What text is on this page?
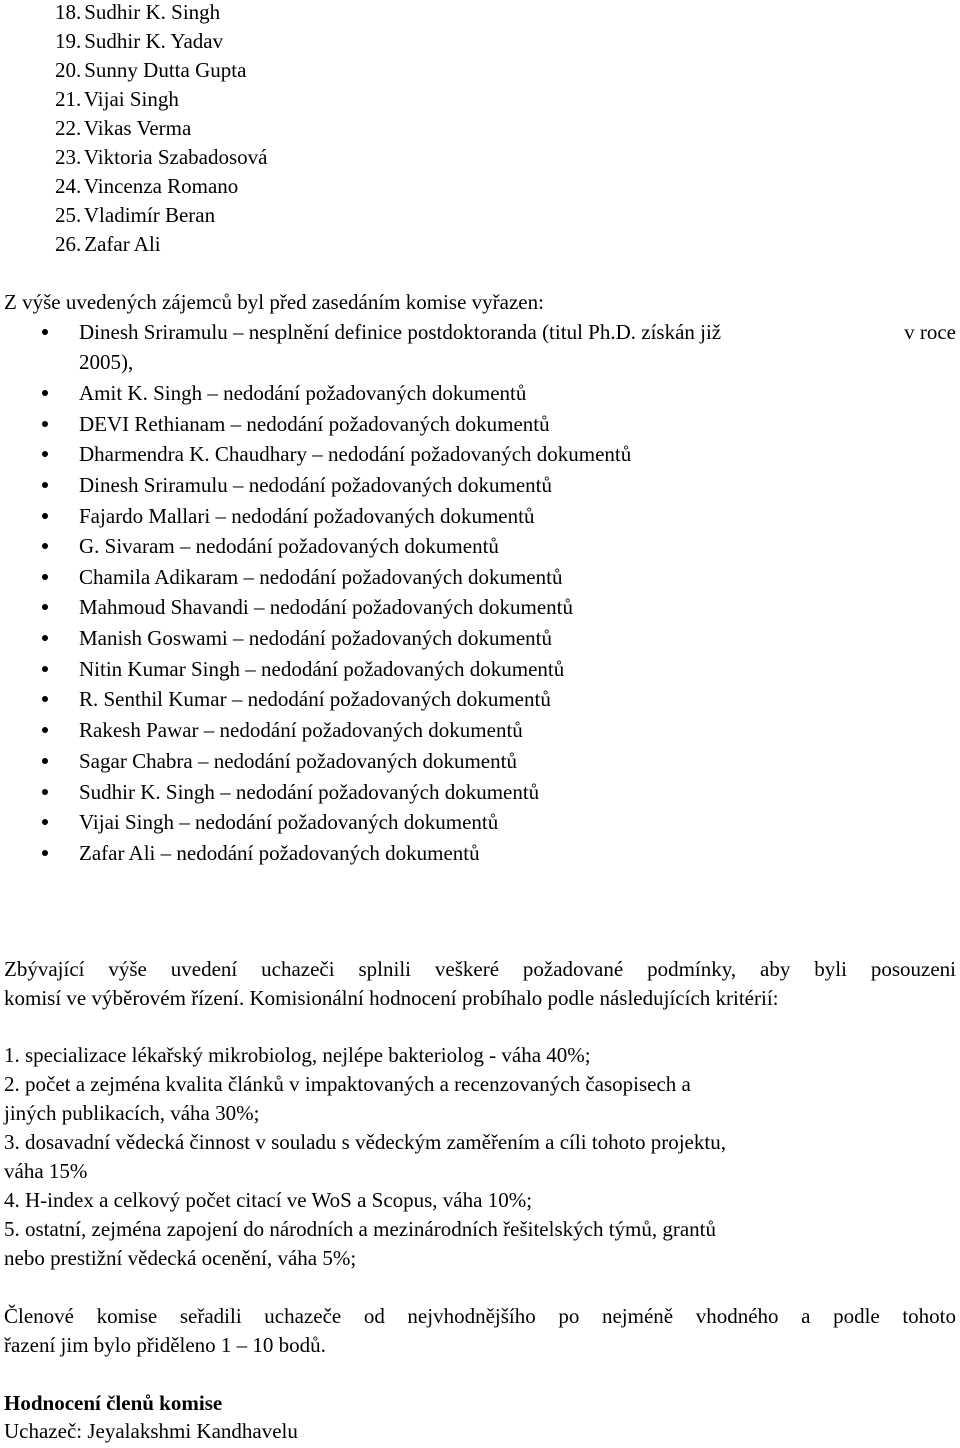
18. Sudhir K. Singh
19. Sudhir K. Yadav
20. Sunny Dutta Gupta
21. Vijai Singh
22. Vikas Verma
23. Viktoria Szabadosová
24. Vincenza Romano
25. Vladimír Beran
26. Zafar Ali
Z výše uvedených zájemců byl před zasedáním komise vyřazen:
Dinesh Sriramulu – nesplnění definice postdoktoranda (titul Ph.D. získán již	v roce
2005),
Amit K. Singh – nedodání požadovaných dokumentů
DEVI Rethianam – nedodání požadovaných dokumentů
Dharmendra K. Chaudhary – nedodání požadovaných dokumentů
Dinesh Sriramulu – nedodání požadovaných dokumentů
Fajardo Mallari – nedodání požadovaných dokumentů
G. Sivaram – nedodání požadovaných dokumentů
Chamila Adikaram – nedodání požadovaných dokumentů
Mahmoud Shavandi – nedodání požadovaných dokumentů
Manish Goswami – nedodání požadovaných dokumentů
Nitin Kumar Singh – nedodání požadovaných dokumentů
R. Senthil Kumar – nedodání požadovaných dokumentů
Rakesh Pawar – nedodání požadovaných dokumentů
Sagar Chabra – nedodání požadovaných dokumentů
Sudhir K. Singh – nedodání požadovaných dokumentů
Vijai Singh – nedodání požadovaných dokumentů
Zafar Ali – nedodání požadovaných dokumentů
Zbývající výše uvedení uchazeči splnili veškeré požadované podmínky, aby byli posouzeni
komisí ve výběrovém řízení. Komisionální hodnocení probíhalo podle následujících kritérií:
1. specializace lékařský mikrobiolog, nejlépe bakteriolog - váha 40%;
2. počet a zejména kvalita článků v impaktovaných a recenzovaných časopisech a
jiných publikacích, váha 30%;
3. dosavadní vědecká činnost v souladu s vědeckým zaměřením a cíli tohoto projektu,
váha 15%
4. H-index a celkový počet citací ve WoS a Scopus, váha 10%;
5. ostatní, zejména zapojení do národních a mezinárodních řešitelských týmů, grantů
nebo prestižní vědecká ocenění, váha 5%;
Členové komise seřadili uchazeče od nejvhodnějšího po nejméně vhodného a podle tohoto
řazení jim bylo přiděleno 1 – 10 bodů.
Hodnocení členů komise
Uchazeč: Jeyalakshmi Kandhavelu
